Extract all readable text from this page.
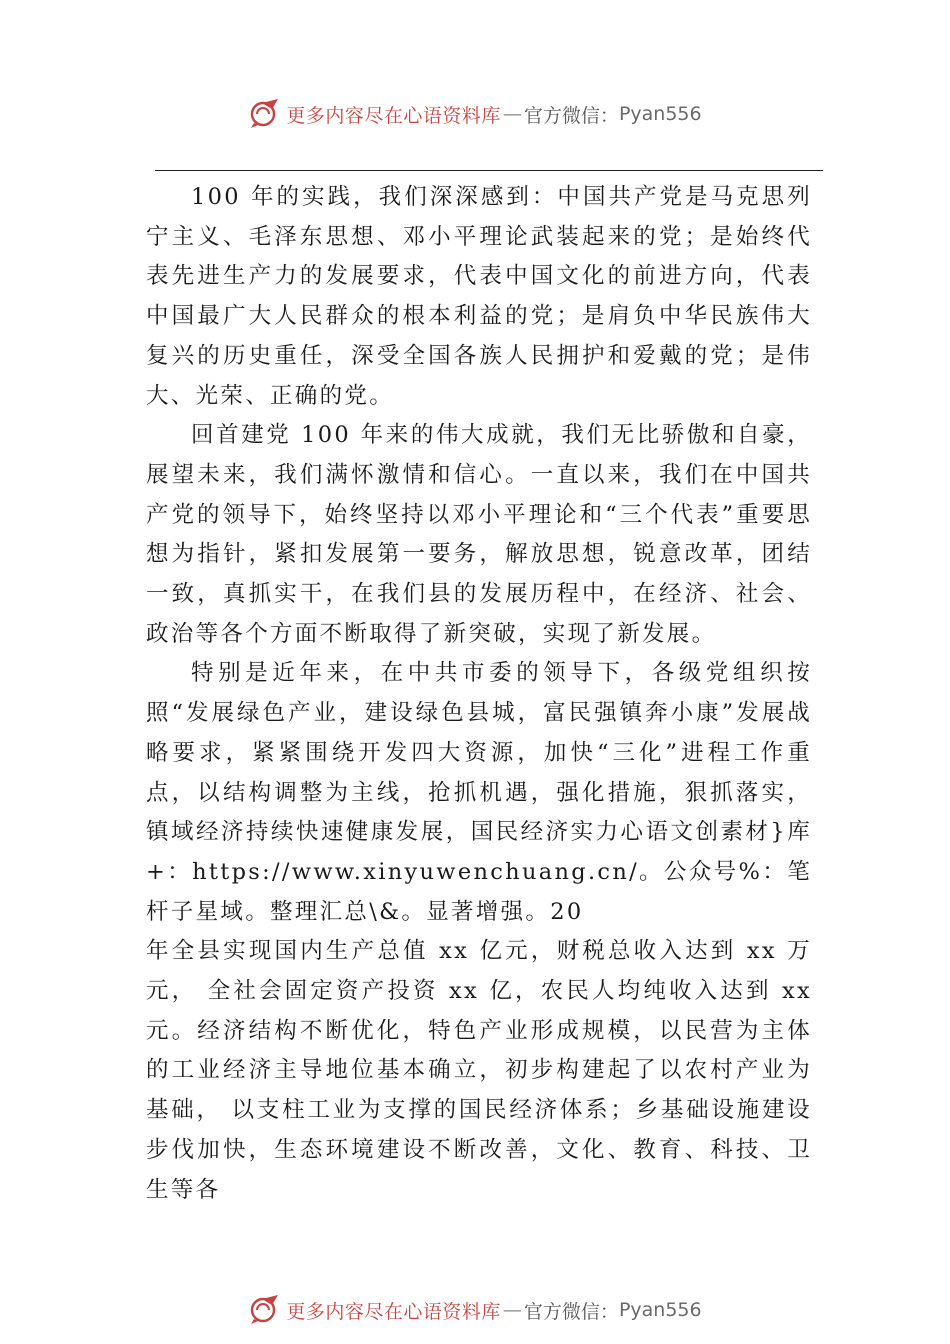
更多内容尽在心语资料库 — 官方微信： Pyan556

100 年的实践，我们深深感到：中国共产党是马克思列宁主义、毛泽东思想、邓小平理论武装起来的党；是始终代表先进生产力的发展要求，代表中国文化的前进方向，代表中国最广大人民群众的根本利益的党；是肩负中华民族伟大复兴的历史重任，深受全国各族人民拥护和爱戴的党；是伟大、光荣、正确的党。

回首建党 100 年来的伟大成就，我们无比骄傲和自豪，展望未来，我们满怀激情和信心。一直以来，我们在中国共产党的领导下，始终坚持以邓小平理论和“三个代表”重要思想为指针，紧扣发展第一要务，解放思想，锐意改革，团结一致，真抓实干，在我们县的发展历程中，在经济、社会、政治等各个方面不断取得了新突破，实现了新发展。

特别是近年来，在中共市委的领导下，各级党组织按照“发展绿色产业，建设绿色县城，富民强镇奔小康”发展战略要求，紧紧围绕开发四大资源，加快“三化”进程工作重点，以结构调整为主线，抢抓机遇，强化措施，狠抓落实，镇域经济持续快速健康发展，国民经济实力心语文创素材}库+：https://www.xinyuwenchuang.cn/。公众号%：笔杆子星域。整理汇总\&。显著增强。20

年全县实现国内生产总值 xx 亿元，财税总收入达到 xx 万元， 全社会固定资产投资 xx 亿，农民人均纯收入达到 xx 元。经济结构不断优化，特色产业形成规模，以民营为主体的工业经济主导地位基本确立，初步构建起了以农村产业为基础， 以支柱工业为支撑的国民经济体系；乡基础设施建设步伐加快，生态环境建设不断改善，文化、教育、科技、卫生等各

更多内容尽在心语资料库 — 官方微信： Pyan556
